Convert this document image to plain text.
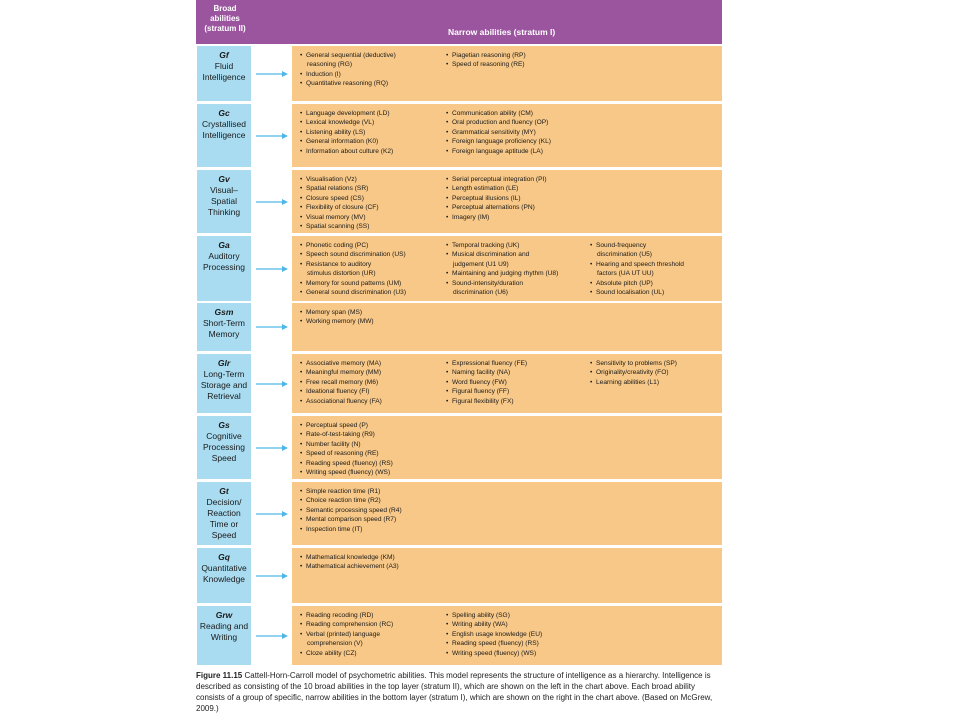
Broad abilities (stratum II)	Narrow abilities (stratum I)
Gf
Fluid Intelligence
•  General sequential (deductive)
reasoning (RG)
•  Induction (I)
•  Quantitative reasoning (RQ)
•  Piagetian reasoning (RP)
•  Speed of reasoning (RE)
Gc
Crystallised Intelligence
•  Language development (LD)
•  Lexical knowledge (VL)
•  Listening ability (LS)
•  General information (K0)
•  Information about culture (K2)
•  Communication ability (CM)
•  Oral production and fluency (OP)
•  Grammatical sensitivity (MY)
•  Foreign language proficiency (KL)
•  Foreign language aptitude (LA)
Gv
Visual–Spatial Thinking
•  Visualisation (Vz)
•  Spatial relations (SR)
•  Closure speed (CS)
•  Flexibility of closure (CF)
•  Visual memory (MV)
•  Spatial scanning (SS)
•  Serial perceptual integration (PI)
•  Length estimation (LE)
•  Perceptual illusions (IL)
•  Perceptual alternations (PN)
•  Imagery (IM)
Ga
Auditory Processing
•  Phonetic coding (PC)
•  Speech sound discrimination (US)
•  Resistance to auditory
stimulus distortion (UR)
•  Memory for sound patterns (UM)
•  General sound discrimination (U3)
•  Temporal tracking (UK)
•  Musical discrimination and
judgement (U1 U9)
•  Maintaining and judging rhythm (U8)
•  Sound-intensity/duration
discrimination (U6)
•  Sound-frequency
discrimination (U5)
•  Hearing and speech threshold
factors (UA UT UU)
•  Absolute pitch (UP)
•  Sound localisation (UL)
Gsm
Short-Term Memory
•  Memory span (MS)
•  Working memory (MW)
Glr
Long-Term Storage and Retrieval
•  Associative memory (MA)
•  Meaningful memory (MM)
•  Free recall memory (M6)
•  Ideational fluency (FI)
•  Associational fluency (FA)
•  Expressional fluency (FE)
•  Naming facility (NA)
•  Word fluency (FW)
•  Figural fluency (FF)
•  Figural flexibility (FX)
•  Sensitivity to problems (SP)
•  Originality/creativity (FO)
•  Learning abilities (L1)
Gs
Cognitive Processing Speed
•  Perceptual speed (P)
•  Rate-of-test-taking (R9)
•  Number facility (N)
•  Speed of reasoning (RE)
•  Reading speed (fluency) (RS)
•  Writing speed (fluency) (WS)
Gt
Decision/ Reaction Time or Speed
•  Simple reaction time (R1)
•  Choice reaction time (R2)
•  Semantic processing speed (R4)
•  Mental comparison speed (R7)
•  Inspection time (IT)
Gq
Quantitative Knowledge
•  Mathematical knowledge (KM)
•  Mathematical achievement (A3)
Grw
Reading and Writing
•  Reading recoding (RD)
•  Reading comprehension (RC)
•  Verbal (printed) language
comprehension (V)
•  Cloze ability (CZ)
•  Spelling ability (SG)
•  Writing ability (WA)
•  English usage knowledge (EU)
•  Reading speed (fluency) (RS)
•  Writing speed (fluency) (WS)
Figure 11.15 Cattell-Horn-Carroll model of psychometric abilities. This model represents the structure of intelligence as a hierarchy. Intelligence is described as consisting of the 10 broad abilities in the top layer (stratum II), which are shown on the left in the chart above. Each broad ability consists of a group of specific, narrow abilities in the bottom layer (stratum I), which are shown on the right in the chart above. (Based on McGrew, 2009.)
